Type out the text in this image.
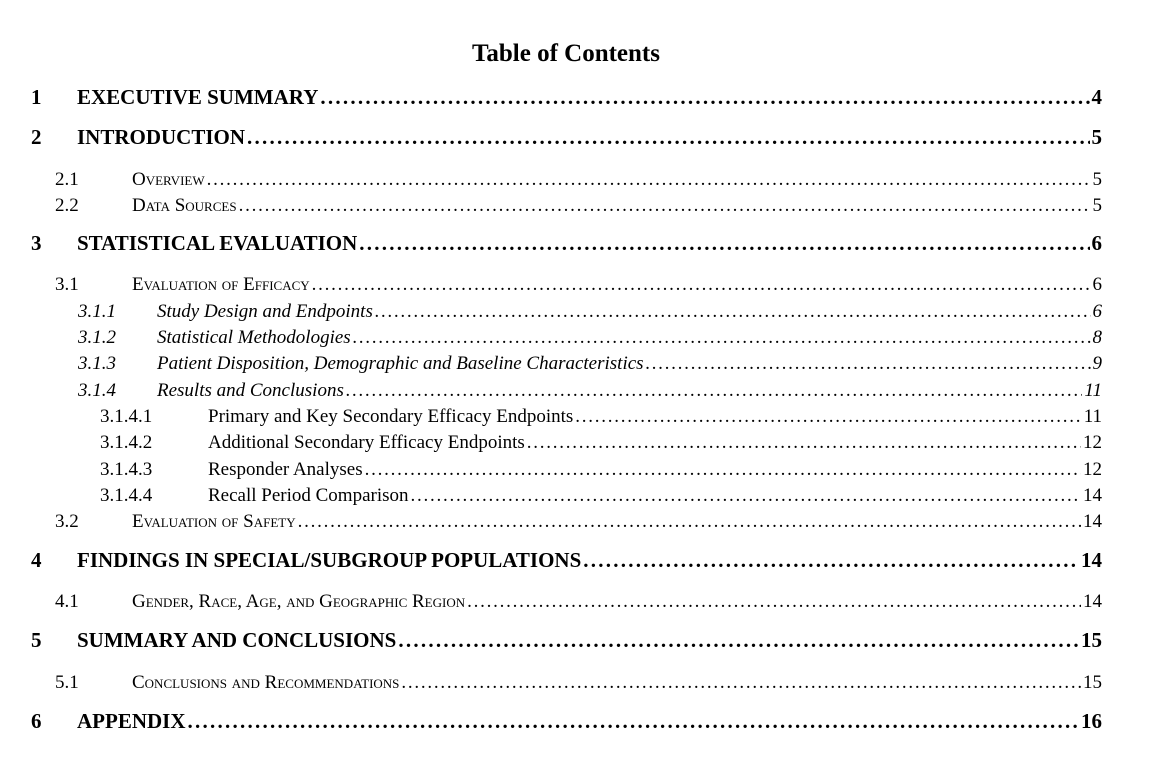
Table of Contents
1	EXECUTIVE SUMMARY . . .	4
2	INTRODUCTION . . .	5
2.1	Overview . . .	5
2.2	Data Sources . . .	5
3	STATISTICAL EVALUATION . . .	6
3.1	Evaluation of Efficacy . . .	6
3.1.1	Study Design and Endpoints . . .	6
3.1.2	Statistical Methodologies . . .	8
3.1.3	Patient Disposition, Demographic and Baseline Characteristics . . .	9
3.1.4	Results and Conclusions . . .	11
3.1.4.1	Primary and Key Secondary Efficacy Endpoints . . .	11
3.1.4.2	Additional Secondary Efficacy Endpoints . . .	12
3.1.4.3	Responder Analyses . . .	12
3.1.4.4	Recall Period Comparison . . .	14
3.2	Evaluation of Safety . . .	14
4	FINDINGS IN SPECIAL/SUBGROUP POPULATIONS . . .	14
4.1	Gender, Race, Age, and Geographic Region . . .	14
5	SUMMARY AND CONCLUSIONS . . .	15
5.1	Conclusions and Recommendations . . .	15
6	APPENDIX . . .	16
